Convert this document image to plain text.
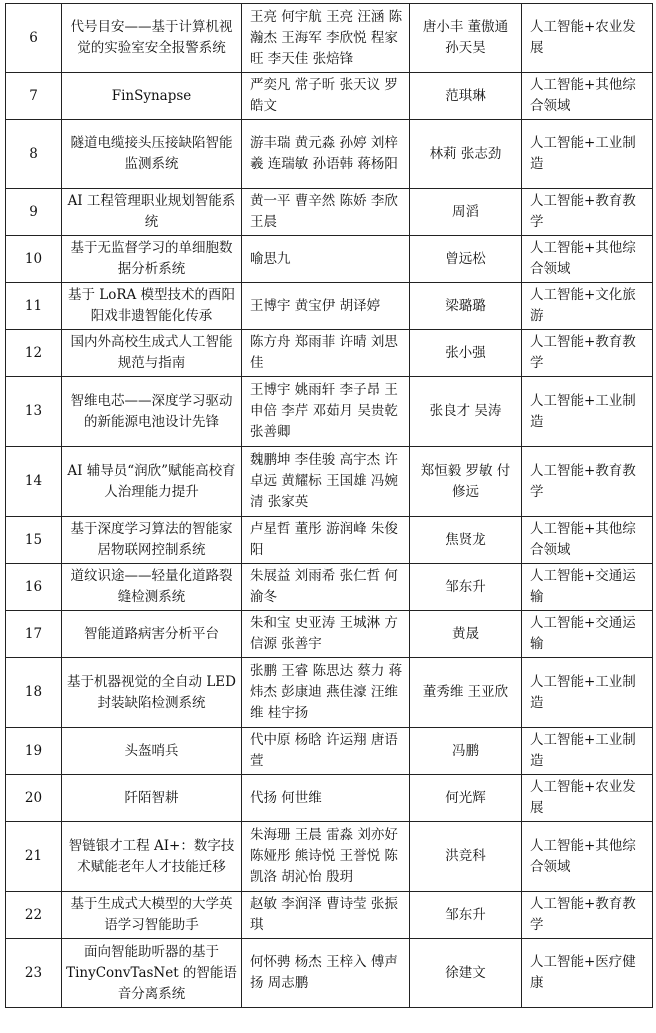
6	代号目安——基于计算机视觉的实验室安全报警系统	王亮 何宇航 王亮 汪涵 陈瀚杰 王海军 李欣悦 程家旺 李天佳 张焙锋	唐小丰 董傲通 孙天昊	人工智能+农业发展
7	FinSynapse	严奕凡 常子昕 张天议 罗皓文	范琪琳	人工智能+其他综合领域
8	隧道电缆接头压接缺陷智能监测系统	游丰瑞 黄元淼 孙婷 刘梓羲 连瑞敏 孙语韩 蒋杨阳	林莉 张志劲	人工智能+工业制造
9	AI 工程管理职业规划智能系统	黄一平 曹辛然 陈娇 李欣 王晨	周滔	人工智能+教育教学
10	基于无监督学习的单细胞数据分析系统	喻思九	曾远松	人工智能+其他综合领域
11	基于 LoRA 模型技术的酉阳阳戏非遗智能化传承	王博宇 黄宝伊 胡译婷	梁璐璐	人工智能+文化旅游
12	国内外高校生成式人工智能规范与指南	陈方舟 郑雨菲 许晴 刘思佳	张小强	人工智能+教育教学
13	智维电芯——深度学习驱动的新能源电池设计先锋	王博宇 姚雨轩 李子昂 王申倍 李芹 邓茹月 吴贵乾 张善卿	张良才 吴涛	人工智能+工业制造
14	AI 辅导员“润欣”赋能高校育人治理能力提升	魏鹏坤 李佳骏 高宇杰 许卓远 黄耀标 王国雄 冯婉清 张家英	郑恒毅 罗敏 付修远	人工智能+教育教学
15	基于深度学习算法的智能家居物联网控制系统	卢星哲 董彤 游润峰 朱俊阳	焦贤龙	人工智能+其他综合领域
16	道纹识途——轻量化道路裂缝检测系统	朱展益 刘雨希 张仁哲 何渝冬	邹东升	人工智能+交通运输
17	智能道路病害分析平台	朱和宝 史亚涛 王城淋 方信源 张善宇	黄晟	人工智能+交通运输
18	基于机器视觉的全自动 LED 封装缺陷检测系统	张鹏 王睿 陈思达 蔡力 蒋炜杰 彭康迪 燕佳濠 汪维维 桂宇扬	董秀维 王亚欣	人工智能+工业制造
19	头盔哨兵	代中原 杨晗 许运翔 唐语萱	冯鹏	人工智能+工业制造
20	阡陌智耕	代扬 何世维	何光辉	人工智能+农业发展
21	智链银才工程 AI+：数字技术赋能老年人才技能迁移	朱海珊 王晨 雷淼 刘亦好 陈娅彤 熊诗悦 王誉悦 陈凯洛 胡沁怡 殷玥	洪竞科	人工智能+其他综合领域
22	基于生成式大模型的大学英语学习智能助手	赵敏 李润泽 曹诗莹 张振琪	邹东升	人工智能+教育教学
23	面向智能助听器的基于 TinyConvTasNet 的智能语音分离系统	何怀骋 杨杰 王梓入 傅声扬 周志鹏	徐建文	人工智能+医疗健康
